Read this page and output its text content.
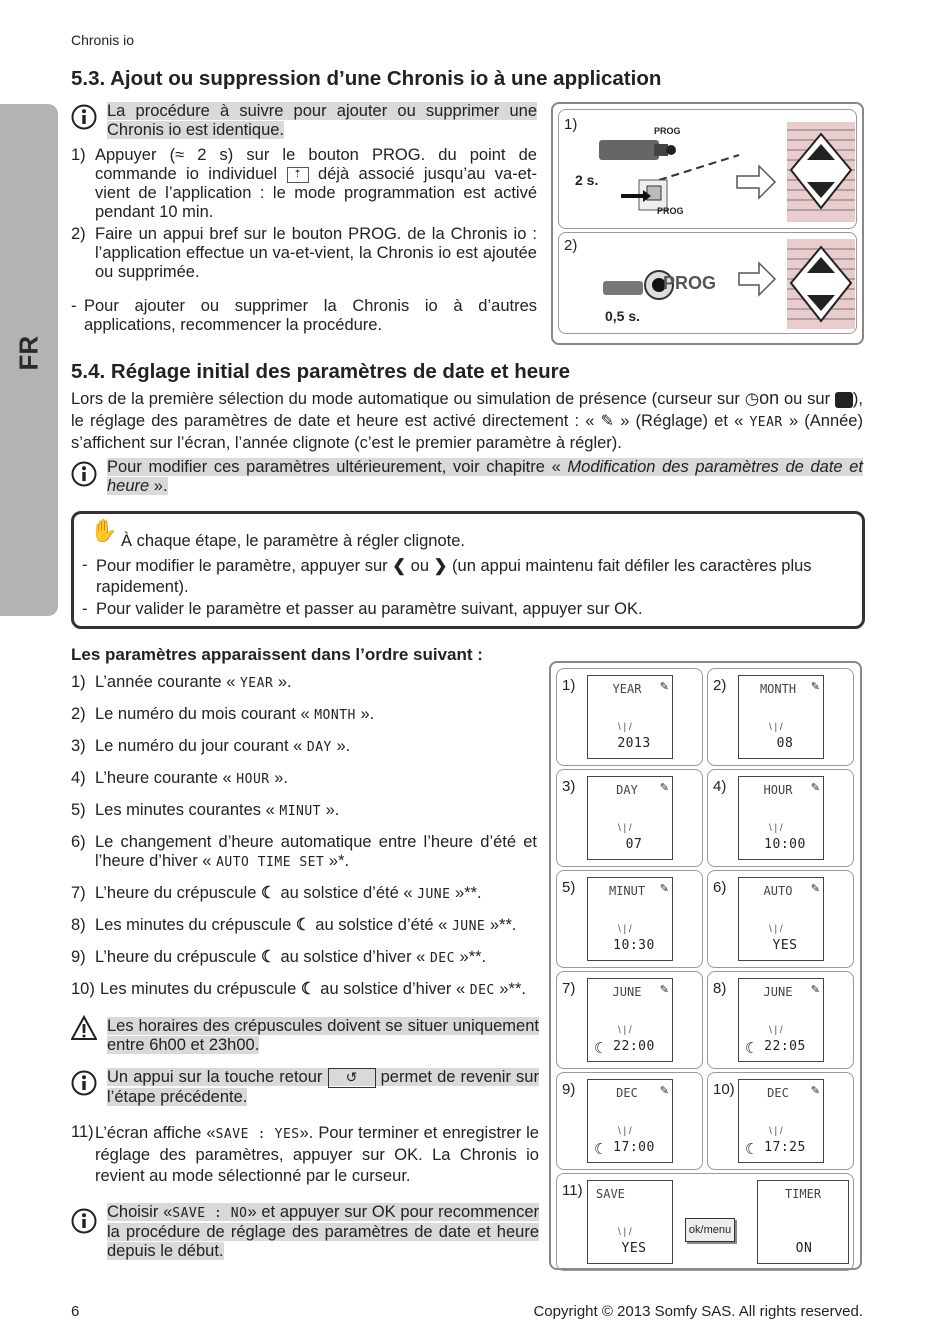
Chronis io
FR
5.3. Ajout ou suppression d’une Chronis io à une application
La procédure à suivre pour ajouter ou supprimer une Chronis io est identique.
1) Appuyer (≈ 2 s) sur le bouton PROG. du point de commande io individuel ⇡ déjà associé jusqu’au va-et-vient de l’application : le mode programmation est activé pendant 10 min.
2) Faire un appui bref sur le bouton PROG. de la Chronis io : l’application effectue un va-et-vient, la Chronis io est ajoutée ou supprimée.
- Pour ajouter ou supprimer la Chronis io à d’autres applications, recommencer la procédure.
1)	PROG
2 s.
PROG
2)
PROG
0,5 s.
5.4. Réglage initial des paramètres de date et heure
Lors de la première sélection du mode automatique ou simulation de présence (curseur sur ◷on ou sur ), le réglage des paramètres de date et heure est activé directement : « ✎ » (Réglage) et « YEAR » (Année) s’affichent sur l’écran, l’année clignote (c’est le premier paramètre à régler).
Pour modifier ces paramètres ultérieurement, voir chapitre « Modification des paramètres de date et heure ».
✋ À chaque étape, le paramètre à régler clignote.
- Pour modifier le paramètre, appuyer sur ❮ ou ❯ (un appui maintenu fait défiler les caractères plus rapidement).
- Pour valider le paramètre et passer au paramètre suivant, appuyer sur OK.
Les paramètres apparaissent dans l’ordre suivant :
1) L’année courante « YEAR ».
2) Le numéro du mois courant « MONTH ».
3) Le numéro du jour courant « DAY ».
4) L’heure courante « HOUR ».
5) Les minutes courantes « MINUT ».
6) Le changement d’heure automatique entre l’heure d’été et l’heure d’hiver « AUTO TIME SET »*.
7) L’heure du crépuscule ☾ au solstice d’été « JUNE »**.
8) Les minutes du crépuscule ☾ au solstice d’été « JUNE »**.
9) L’heure du crépuscule ☾ au solstice d’hiver « DEC »**.
10) Les minutes du crépuscule ☾ au solstice d’hiver « DEC »**.
Les horaires des crépuscules doivent se situer uniquement entre 6h00 et 23h00.
Un appui sur la touche retour ↺ permet de revenir sur l’étape précédente.
11) L’écran affiche «SAVE : YES». Pour terminer et enregistrer le réglage des paramètres, appuyer sur OK. La Chronis io revient au mode sélectionné par le curseur.
Choisir «SAVE : NO» et appuyer sur OK pour recommencer la procédure de réglage des paramètres de date et heure depuis le début.
1)	YEAR	✎
\ | /
2013
2)	MONTH	✎
\ | /
08
3)	DAY	✎
\ | /
07
4)	HOUR	✎
\ | /
10:00
5)	MINUT	✎
\ | /
10:30
6)	AUTO	✎
\ | /
YES
7)	JUNE	✎
\ | /
☾ 22:00
8)	JUNE	✎
\ | /
☾ 22:05
9)	DEC	✎
\ | /
☾ 17:00
10)	DEC	✎
\ | /
☾ 17:25
11) SAVE
\ | /
YES
ok/menu
TIMER
ON
6	Copyright © 2013 Somfy SAS. All rights reserved.
